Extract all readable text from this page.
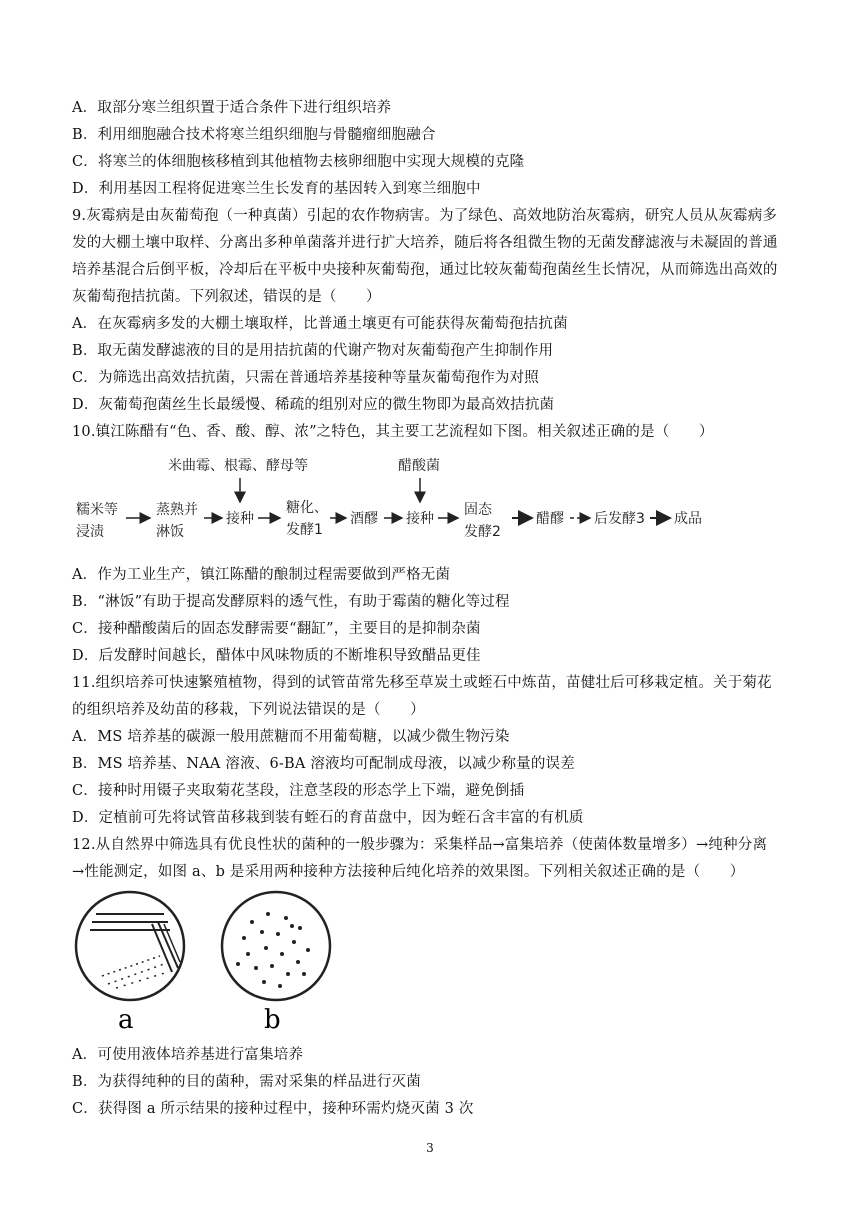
A．取部分寒兰组织置于适合条件下进行组织培养
B．利用细胞融合技术将寒兰组织细胞与骨髓瘤细胞融合
C．将寒兰的体细胞核移植到其他植物去核卵细胞中实现大规模的克隆
D．利用基因工程将促进寒兰生长发育的基因转入到寒兰细胞中
9.灰霉病是由灰葡萄孢（一种真菌）引起的农作物病害。为了绿色、高效地防治灰霉病，研究人员从灰霉病多
发的大棚土壤中取样、分离出多种单菌落并进行扩大培养，随后将各组微生物的无菌发酵滤液与未凝固的普通
培养基混合后倒平板，冷却后在平板中央接种灰葡萄孢，通过比较灰葡萄孢菌丝生长情况，从而筛选出高效的
灰葡萄孢拮抗菌。下列叙述，错误的是（　　）
A．在灰霉病多发的大棚土壤取样，比普通土壤更有可能获得灰葡萄孢拮抗菌
B．取无菌发酵滤液的目的是用拮抗菌的代谢产物对灰葡萄孢产生抑制作用
C．为筛选出高效拮抗菌，只需在普通培养基接种等量灰葡萄孢作为对照
D．灰葡萄孢菌丝生长最缓慢、稀疏的组别对应的微生物即为最高效拮抗菌
10.镇江陈醋有“色、香、酸、醇、浓”之特色，其主要工艺流程如下图。相关叙述正确的是（　　）
米曲霉、根霉、酵母等	醋酸菌
糯米等
浸渍
蒸熟并
淋饭
接种
糖化、
发酵1
酒醪 接种
固态
发酵2
醋醪 后发酵3 成品
A．作为工业生产，镇江陈醋的酿制过程需要做到严格无菌
B．“淋饭”有助于提高发酵原料的透气性，有助于霉菌的糖化等过程
C．接种醋酸菌后的固态发酵需要“翻缸”，主要目的是抑制杂菌
D．后发酵时间越长，醋体中风味物质的不断堆积导致醋品更佳
11.组织培养可快速繁殖植物，得到的试管苗常先移至草炭土或蛭石中炼苗，苗健壮后可移栽定植。关于菊花
的组织培养及幼苗的移栽，下列说法错误的是（　　）
A．MS 培养基的碳源一般用蔗糖而不用葡萄糖，以减少微生物污染
B．MS 培养基、NAA 溶液、6-BA 溶液均可配制成母液，以减少称量的误差
C．接种时用镊子夹取菊花茎段，注意茎段的形态学上下端，避免倒插
D．定植前可先将试管苗移栽到装有蛭石的育苗盘中，因为蛭石含丰富的有机质
12.从自然界中筛选具有优良性状的菌种的一般步骤为：采集样品→富集培养（使菌体数量增多）→纯种分离
→性能测定，如图 a、b 是采用两种接种方法接种后纯化培养的效果图。下列相关叙述正确的是（　　）
a	b
A．可使用液体培养基进行富集培养
B．为获得纯种的目的菌种，需对采集的样品进行灭菌
C．获得图 a 所示结果的接种过程中，接种环需灼烧灭菌 3 次
3
